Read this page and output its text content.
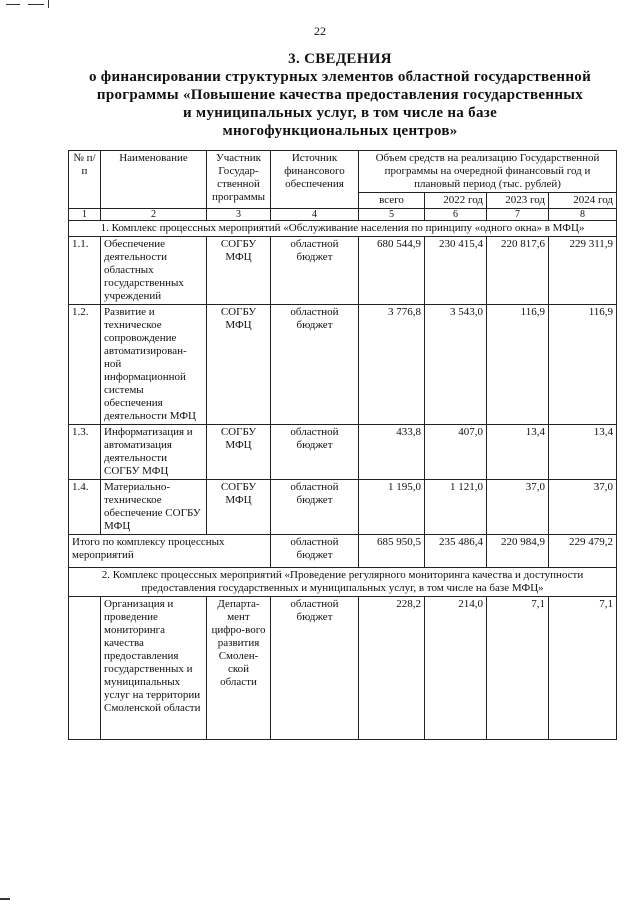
22
3. СВЕДЕНИЯ
о финансировании структурных элементов областной государственной
программы «Повышение качества предоставления государственных
и муниципальных услуг, в том числе на базе
многофункциональных центров»
№ п/п	Наименование	Участник Государ-ственной программы	Источник финансового обеспечения	Объем средств на реализацию Государственной программы на очередной финансовый год и плановый период (тыс. рублей)			
				всего	2022 год	2023 год	2024 год
1	2	3	4	5	6	7	8
1. Комплекс процессных мероприятий «Обслуживание населения по принципу «одного окна» в МФЦ»							
1.1.	Обеспечение деятельности областных государственных учреждений	СОГБУ МФЦ	областной бюджет	680 544,9	230 415,4	220 817,6	229 311,9
1.2.	Развитие и техническое сопровождение автоматизирован-ной информационной системы обеспечения деятельности МФЦ	СОГБУ МФЦ	областной бюджет	3 776,8	3 543,0	116,9	116,9
1.3.	Информатизация и автоматизация деятельности СОГБУ МФЦ	СОГБУ МФЦ	областной бюджет	433,8	407,0	13,4	13,4
1.4.	Материально-техническое обеспечение СОГБУ МФЦ	СОГБУ МФЦ	областной бюджет	1 195,0	1 121,0	37,0	37,0
Итого по комплексу процессных мероприятий			областной бюджет	685 950,5	235 486,4	220 984,9	229 479,2
2. Комплекс процессных мероприятий «Проведение регулярного мониторинга качества и доступности предоставления государственных и муниципальных услуг, в том числе на базе МФЦ»							
	Организация и проведение мониторинга качества предоставления государственных и муниципальных услуг на территории Смоленской области	Департа-мент цифро-вого развития Смолен-ской области	областной бюджет	228,2	214,0	7,1	7,1
